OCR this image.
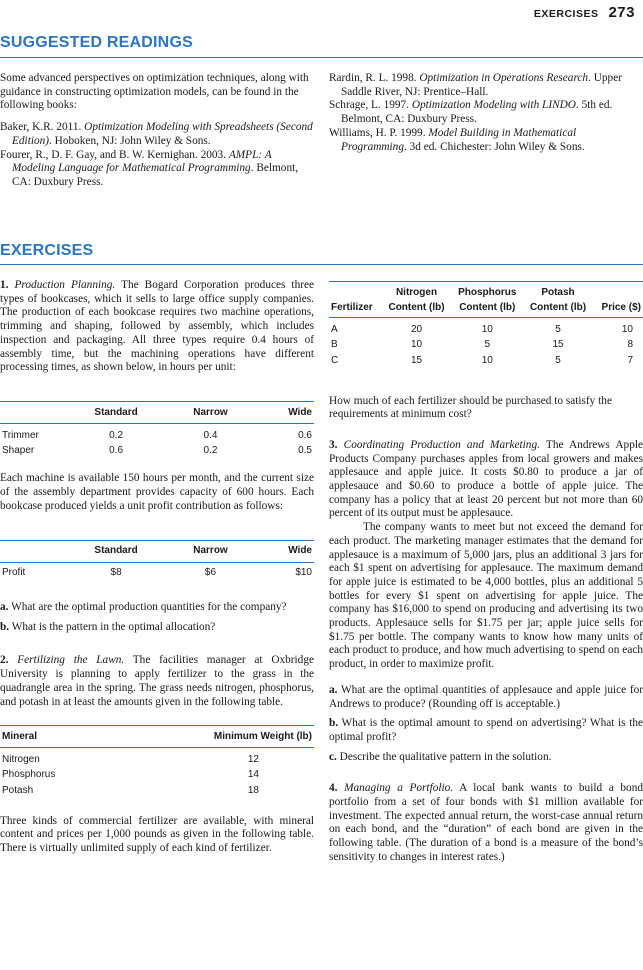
EXERCISES 273
SUGGESTED READINGS

Some advanced perspectives on optimization techniques, along with guidance in constructing optimization models, can be found in the following books:

Baker, K.R. 2011. Optimization Modeling with Spreadsheets (Second Edition). Hoboken, NJ: John Wiley & Sons.
Fourer, R., D. F. Gay, and B. W. Kernighan. 2003. AMPL: A Modeling Language for Mathematical Programming. Belmont, CA: Duxbury Press.
Rardin, R. L. 1998. Optimization in Operations Research. Upper Saddle River, NJ: Prentice–Hall.
Schrage, L. 1997. Optimization Modeling with LINDO. 5th ed. Belmont, CA: Duxbury Press.
Williams, H. P. 1999. Model Building in Mathematical Programming. 3d ed. Chichester: John Wiley & Sons.
EXERCISES

1. Production Planning. The Bogard Corporation produces three types of bookcases, which it sells to large office supply companies. The production of each bookcase requires two machine operations, trimming and shaping, followed by assembly, which includes inspection and packaging. All three types require 0.4 hours of assembly time, but the machining operations have different processing times, as shown below, in hours per unit:

	Standard	Narrow	Wide
Trimmer	0.2	0.4	0.6
Shaper	0.6	0.2	0.5

Each machine is available 150 hours per month, and the current size of the assembly department provides capacity of 600 hours. Each bookcase produced yields a unit profit contribution as follows:

	Standard	Narrow	Wide
Profit	$8	$6	$10

a. What are the optimal production quantities for the company?

b. What is the pattern in the optimal allocation?

2. Fertilizing the Lawn. The facilities manager at Oxbridge University is planning to apply fertilizer to the grass in the quadrangle area in the spring. The grass needs nitrogen, phosphorus, and potash in at least the amounts given in the following table.

Mineral	Minimum Weight (lb)
Nitrogen	12
Phosphorus	14
Potash	18

Three kinds of commercial fertilizer are available, with mineral content and prices per 1,000 pounds as given in the following table. There is virtually unlimited supply of each kind of fertilizer.

	Nitrogen	Phosphorus	Potash	
Fertilizer	Content (lb)	Content (lb)	Content (lb)	Price ($)
A	20	10	5	10
B	10	5	15	8
C	15	10	5	7

How much of each fertilizer should be purchased to satisfy the requirements at minimum cost?

3. Coordinating Production and Marketing. The Andrews Apple Products Company purchases apples from local growers and makes applesauce and apple juice. It costs $0.80 to produce a jar of applesauce and $0.60 to produce a bottle of apple juice. The company has a policy that at least 20 percent but not more than 60 percent of its output must be applesauce.

The company wants to meet but not exceed the demand for each product. The marketing manager estimates that the demand for applesauce is a maximum of 5,000 jars, plus an additional 3 jars for each $1 spent on advertising for applesauce. The maximum demand for apple juice is estimated to be 4,000 bottles, plus an additional 5 bottles for every $1 spent on advertising for apple juice. The company has $16,000 to spend on producing and advertising its two products. Applesauce sells for $1.75 per jar; apple juice sells for $1.75 per bottle. The company wants to know how many units of each product to produce, and how much advertising to spend on each product, in order to maximize profit.

a. What are the optimal quantities of applesauce and apple juice for Andrews to produce? (Rounding off is acceptable.)

b. What is the optimal amount to spend on advertising? What is the optimal profit?

c. Describe the qualitative pattern in the solution.

4. Managing a Portfolio. A local bank wants to build a bond portfolio from a set of four bonds with $1 million available for investment. The expected annual return, the worst-case annual return on each bond, and the “duration” of each bond are given in the following table. (The duration of a bond is a measure of the bond’s sensitivity to changes in interest rates.)
